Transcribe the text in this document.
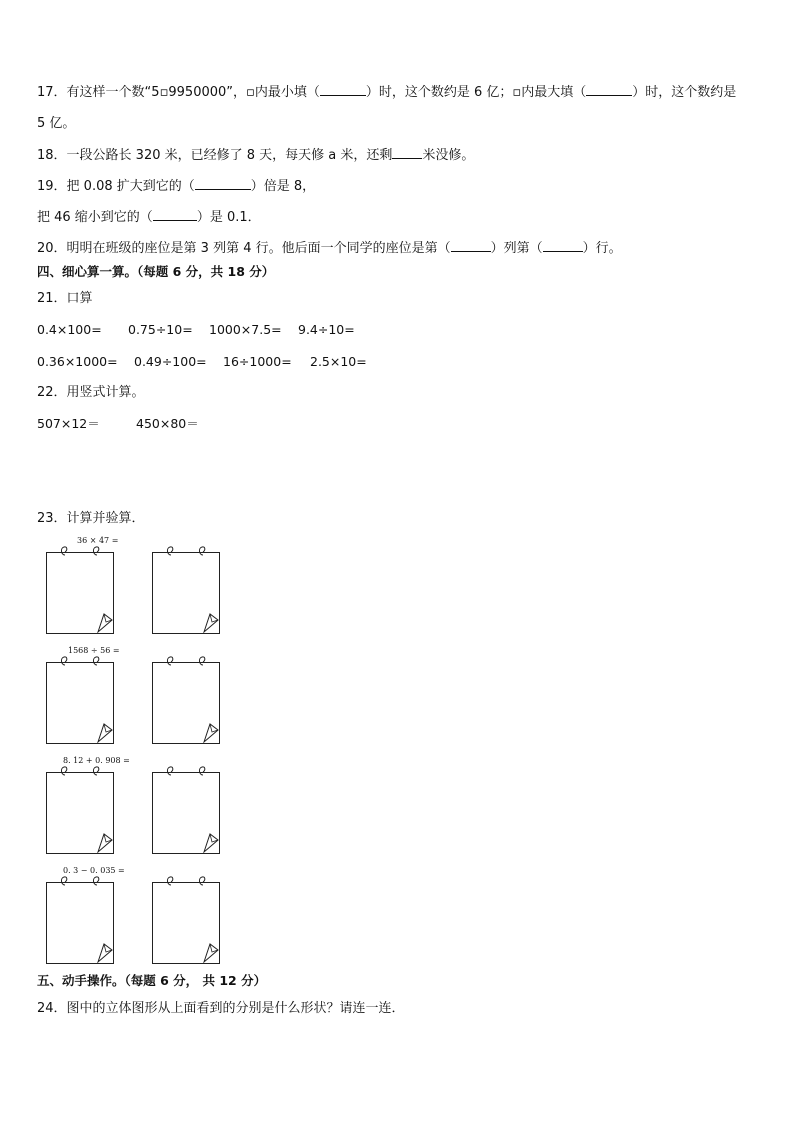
17．有这样一个数“5▫9950000”，▫内最小填（	）时，这个数约是 6 亿；▫内最大填（	）时，这个数约是
5 亿。
18．一段公路长 320 米，已经修了 8 天，每天修 a 米，还剩 米没修。
19．把 0.08 扩大到它的（	）倍是 8，
把 46 缩小到它的（	）是 0.1．
20．明明在班级的座位是第 3 列第 4 行。他后面一个同学的座位是第（	）列第（	）行。
四、细心算一算。（每题 6 分，共 18 分）
21．口算
0.4×100= 0.75÷10= 1000×7.5= 9.4÷10=
0.36×1000= 0.49÷100= 16÷1000= 2.5×10=
22．用竖式计算。
507×12＝	450×80＝
23．计算并验算．
36 × 47 =
1568 ÷ 56 =
8. 12 + 0. 908 =
0. 3 − 0. 035 =
五、动手操作。（每题 6 分， 共 12 分）
24．图中的立体图形从上面看到的分别是什么形状？请连一连．
